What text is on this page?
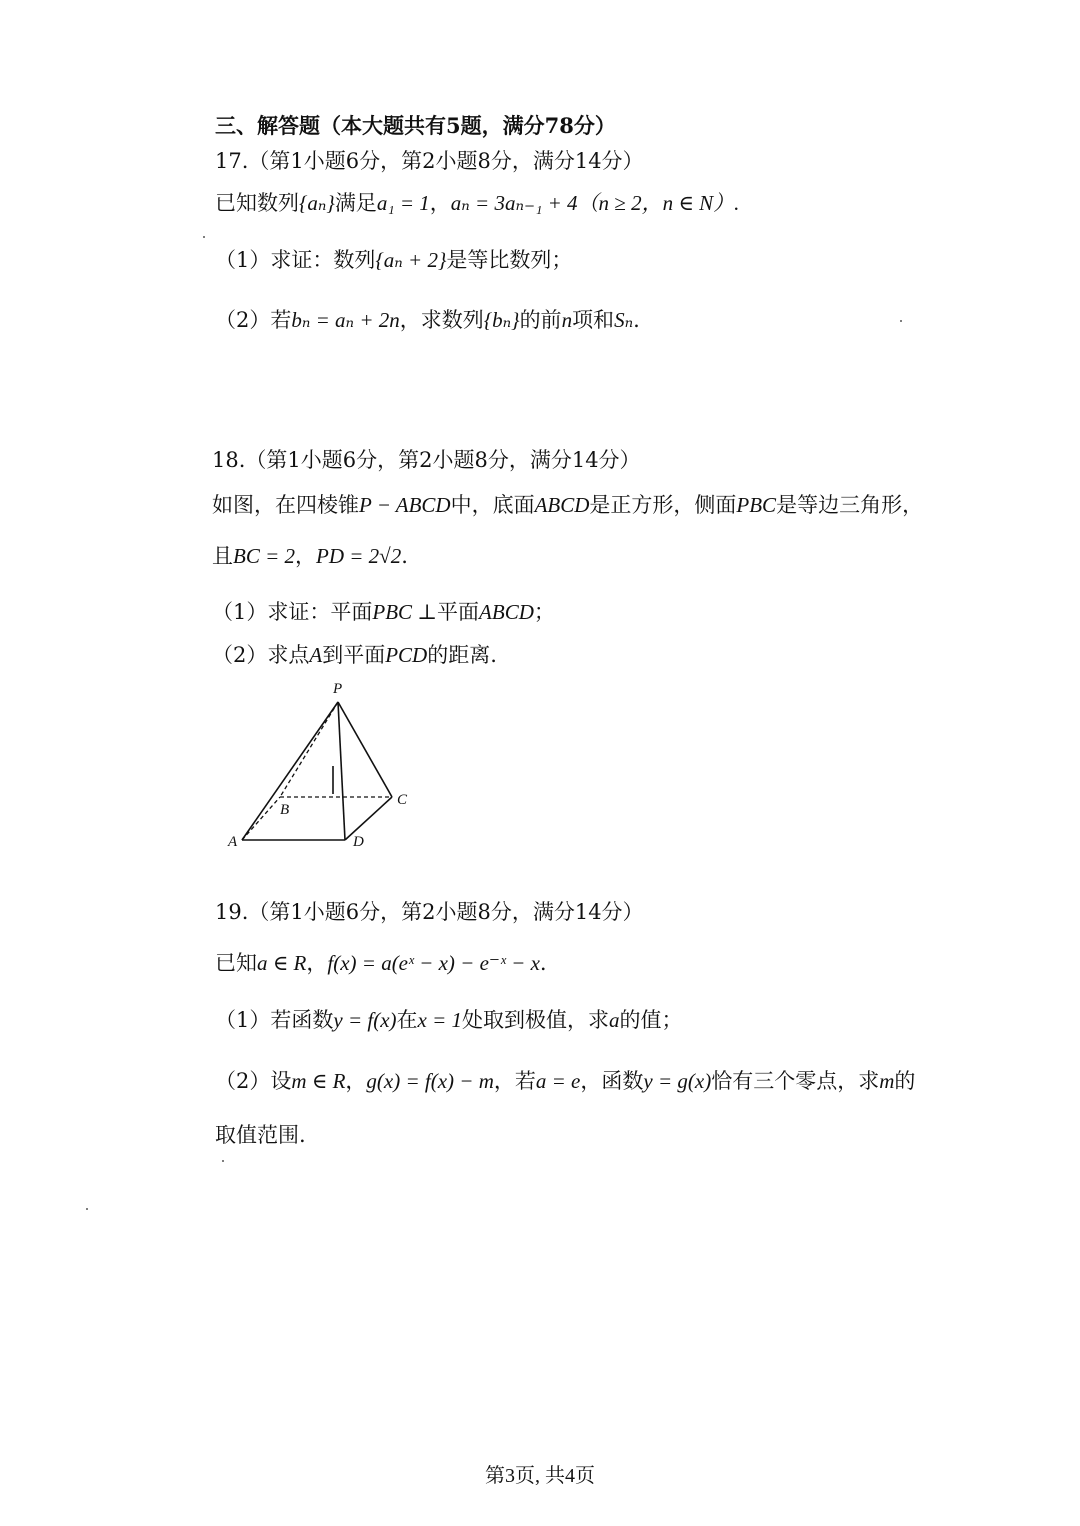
三、解答题（本大题共有5题，满分78分）
17.（第1小题6分，第2小题8分，满分14分）
已知数列{aₙ}满足a₁ = 1，aₙ = 3aₙ₋₁ + 4（n ≥ 2，n ∈ N）.
（1）求证：数列{aₙ + 2}是等比数列；
（2）若bₙ = aₙ + 2n，求数列{bₙ}的前n项和Sₙ.
18.（第1小题6分，第2小题8分，满分14分）
如图，在四棱锥P − ABCD中，底面ABCD是正方形，侧面PBC是等边三角形，
且BC = 2，PD = 2√2.
（1）求证：平面PBC ⊥平面ABCD；
（2）求点A到平面PCD的距离.
P
A
B
C
D
19.（第1小题6分，第2小题8分，满分14分）
已知a ∈ R，f(x) = a(eˣ − x) − e⁻ˣ − x.
（1）若函数y = f(x)在x = 1处取到极值，求a的值；
（2）设m ∈ R，g(x) = f(x) − m，若a = e，函数y = g(x)恰有三个零点，求m的
取值范围.
第3页, 共4页
